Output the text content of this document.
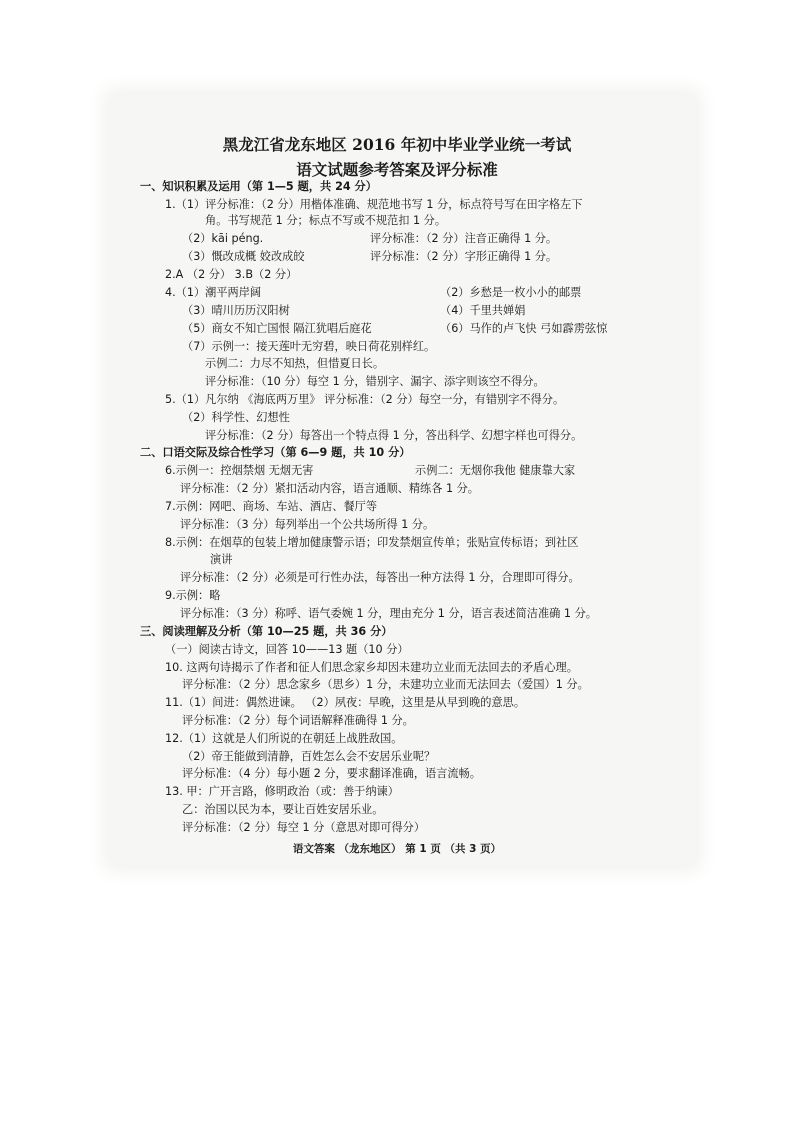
黑龙江省龙东地区 2016 年初中毕业学业统一考试
语文试题参考答案及评分标准
一、知识积累及运用（第 1—5 题，共 24 分）
1.（1）评分标准：（2 分）用楷体准确、规范地书写 1 分，标点符号写在田字格左下
角。书写规范 1 分；标点不写或不规范扣 1 分。
（2）kāi péng.	评分标准：（2 分）注音正确得 1 分。
（3）慨改成概 姣改成皎	评分标准：（2 分）字形正确得 1 分。
2.A （2 分） 3.B（2 分）
4.（1）潮平两岸阔	（2）乡愁是一枚小小的邮票
（3）晴川历历汉阳树	（4）千里共婵娟
（5）商女不知亡国恨 隔江犹唱后庭花	（6）马作的卢飞快 弓如霹雳弦惊
（7）示例一：接天莲叶无穷碧，映日荷花别样红。
示例二：力尽不知热，但惜夏日长。
评分标准：（10 分）每空 1 分，错别字、漏字、添字则该空不得分。
5.（1）凡尔纳 《海底两万里》 评分标准：（2 分）每空一分，有错别字不得分。
（2）科学性、幻想性
评分标准：（2 分）每答出一个特点得 1 分，答出科学、幻想字样也可得分。
二、口语交际及综合性学习（第 6—9 题，共 10 分）
6.示例一：控烟禁烟 无烟无害	示例二：无烟你我他 健康靠大家
评分标准：（2 分）紧扣活动内容，语言通顺、精练各 1 分。
7.示例：网吧、商场、车站、酒店、餐厅等
评分标准：（3 分）每列举出一个公共场所得 1 分。
8.示例：在烟草的包装上增加健康警示语；印发禁烟宣传单；张贴宣传标语；到社区
演讲
评分标准：（2 分）必须是可行性办法，每答出一种方法得 1 分，合理即可得分。
9.示例：略
评分标准：（3 分）称呼、语气委婉 1 分，理由充分 1 分，语言表述简洁准确 1 分。
三、阅读理解及分析（第 10—25 题，共 36 分）
（一）阅读古诗文，回答 10——13 题（10 分）
10. 这两句诗揭示了作者和征人们思念家乡却因未建功立业而无法回去的矛盾心理。
评分标准：（2 分）思念家乡（思乡）1 分，未建功立业而无法回去（爱国）1 分。
11.（1）间进：偶然进谏。 （2）夙夜：早晚，这里是从早到晚的意思。
评分标准：（2 分）每个词语解释准确得 1 分。
12.（1）这就是人们所说的在朝廷上战胜敌国。
（2）帝王能做到清静，百姓怎么会不安居乐业呢？
评分标准：（4 分）每小题 2 分，要求翻译准确，语言流畅。
13. 甲：广开言路，修明政治（或：善于纳谏）
乙：治国以民为本，要让百姓安居乐业。
评分标准：（2 分）每空 1 分（意思对即可得分）
语文答案 （龙东地区） 第 1 页 （共 3 页）
